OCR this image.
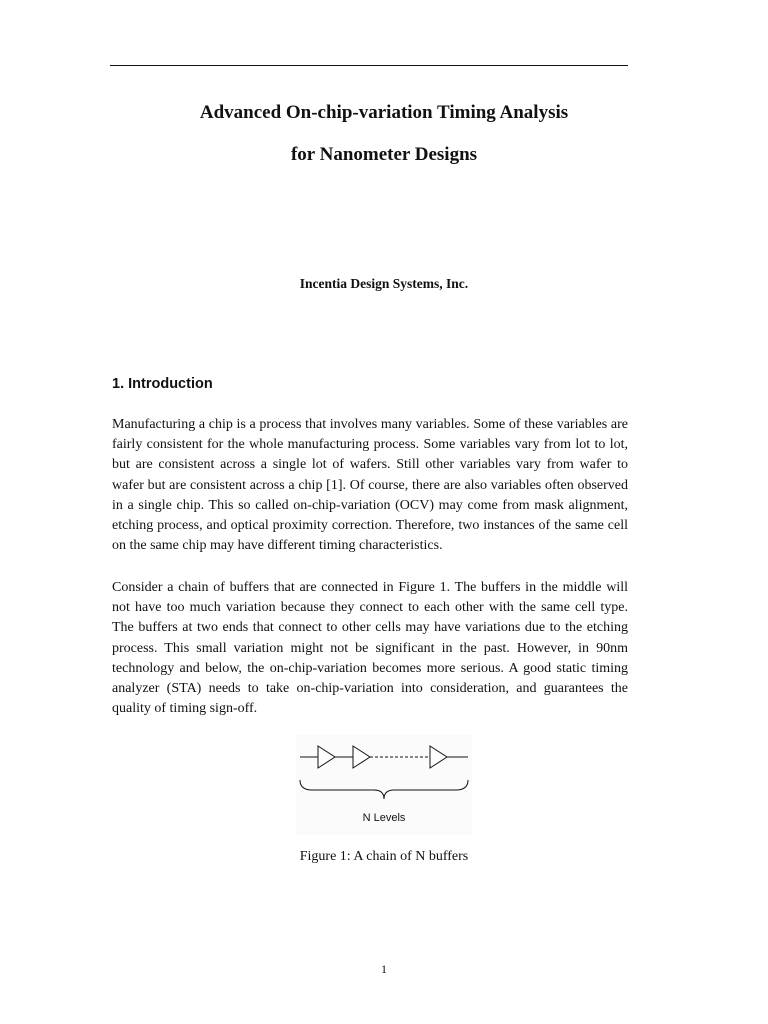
Advanced On-chip-variation Timing Analysis
for Nanometer Designs
Incentia Design Systems, Inc.
1. Introduction

Manufacturing a chip is a process that involves many variables. Some of these variables are fairly consistent for the whole manufacturing process. Some variables vary from lot to lot, but are consistent across a single lot of wafers. Still other variables vary from wafer to wafer but are consistent across a chip [1]. Of course, there are also variables often observed in a single chip. This so called on-chip-variation (OCV) may come from mask alignment, etching process, and optical proximity correction. Therefore, two instances of the same cell on the same chip may have different timing characteristics.

Consider a chain of buffers that are connected in Figure 1. The buffers in the middle will not have too much variation because they connect to each other with the same cell type. The buffers at two ends that connect to other cells may have variations due to the etching process. This small variation might not be significant in the past. However, in 90nm technology and below, the on-chip-variation becomes more serious. A good static timing analyzer (STA) needs to take on-chip-variation into consideration, and guarantees the quality of timing sign-off.

N Levels
Figure 1: A chain of N buffers
1
